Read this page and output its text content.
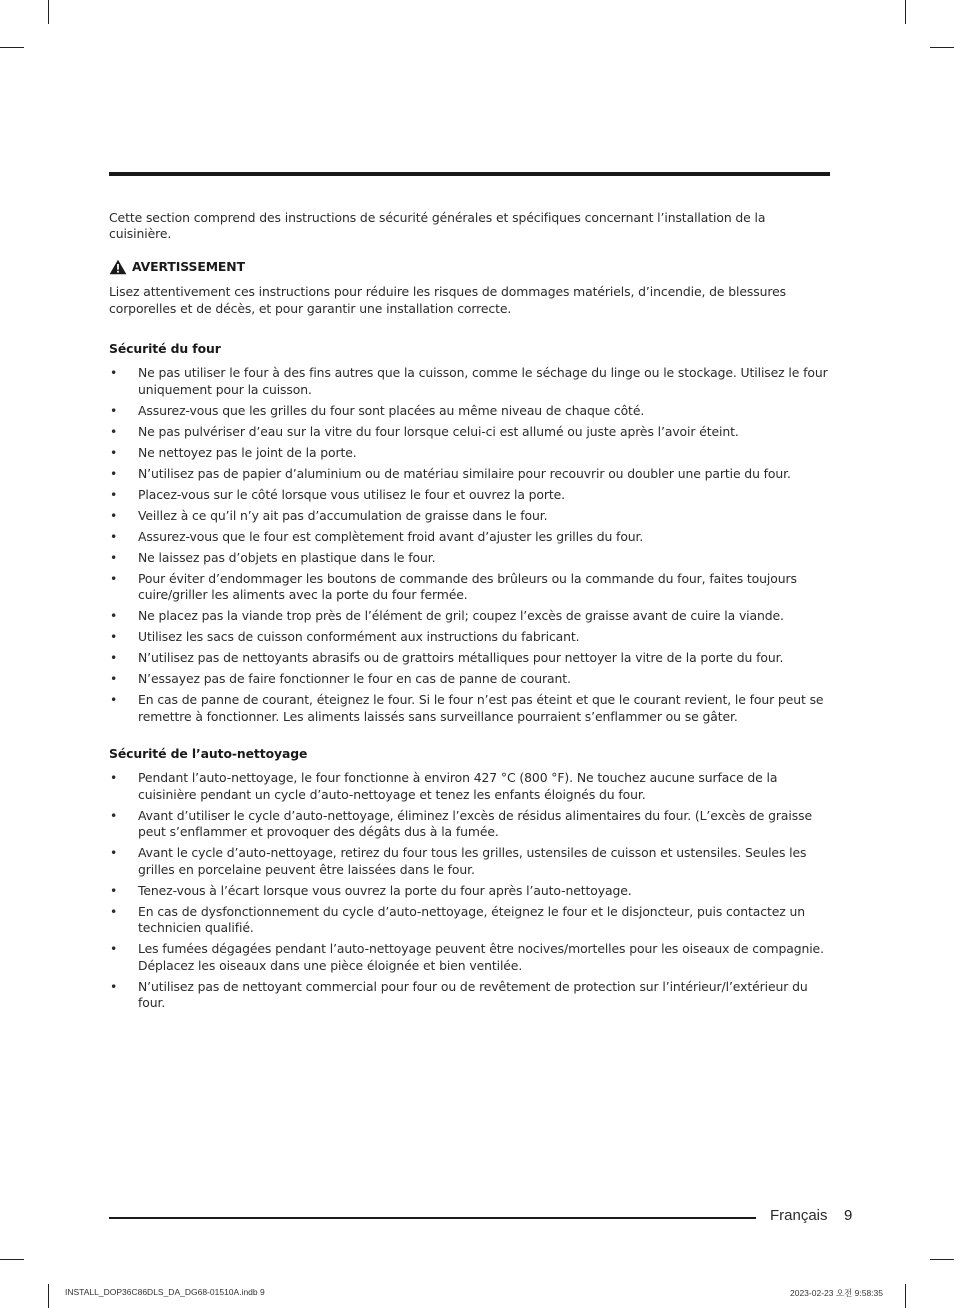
Cette section comprend des instructions de sécurité générales et spécifiques concernant l’installation de la cuisinière.

AVERTISSEMENT

Lisez attentivement ces instructions pour réduire les risques de dommages matériels, d’incendie, de blessures corporelles et de décès, et pour garantir une installation correcte.

Sécurité du four
• Ne pas utiliser le four à des fins autres que la cuisson, comme le séchage du linge ou le stockage. Utilisez le four uniquement pour la cuisson.
• Assurez-vous que les grilles du four sont placées au même niveau de chaque côté.
• Ne pas pulvériser d’eau sur la vitre du four lorsque celui-ci est allumé ou juste après l’avoir éteint.
• Ne nettoyez pas le joint de la porte.
• N’utilisez pas de papier d’aluminium ou de matériau similaire pour recouvrir ou doubler une partie du four.
• Placez-vous sur le côté lorsque vous utilisez le four et ouvrez la porte.
• Veillez à ce qu’il n’y ait pas d’accumulation de graisse dans le four.
• Assurez-vous que le four est complètement froid avant d’ajuster les grilles du four.
• Ne laissez pas d’objets en plastique dans le four.
• Pour éviter d’endommager les boutons de commande des brûleurs ou la commande du four, faites toujours cuire/griller les aliments avec la porte du four fermée.
• Ne placez pas la viande trop près de l’élément de gril; coupez l’excès de graisse avant de cuire la viande.
• Utilisez les sacs de cuisson conformément aux instructions du fabricant.
• N’utilisez pas de nettoyants abrasifs ou de grattoirs métalliques pour nettoyer la vitre de la porte du four.
• N’essayez pas de faire fonctionner le four en cas de panne de courant.
• En cas de panne de courant, éteignez le four. Si le four n’est pas éteint et que le courant revient, le four peut se remettre à fonctionner. Les aliments laissés sans surveillance pourraient s’enflammer ou se gâter.
Sécurité de l’auto-nettoyage
• Pendant l’auto-nettoyage, le four fonctionne à environ 427 °C (800 °F). Ne touchez aucune surface de la cuisinière pendant un cycle d’auto-nettoyage et tenez les enfants éloignés du four.
• Avant d’utiliser le cycle d’auto-nettoyage, éliminez l’excès de résidus alimentaires du four. (L’excès de graisse peut s’enflammer et provoquer des dégâts dus à la fumée.
• Avant le cycle d’auto-nettoyage, retirez du four tous les grilles, ustensiles de cuisson et ustensiles. Seules les grilles en porcelaine peuvent être laissées dans le four.
• Tenez-vous à l’écart lorsque vous ouvrez la porte du four après l’auto-nettoyage.
• En cas de dysfonctionnement du cycle d’auto-nettoyage, éteignez le four et le disjoncteur, puis contactez un technicien qualifié.
• Les fumées dégagées pendant l’auto-nettoyage peuvent être nocives/mortelles pour les oiseaux de compagnie. Déplacez les oiseaux dans une pièce éloignée et bien ventilée.
• N’utilisez pas de nettoyant commercial pour four ou de revêtement de protection sur l’intérieur/l’extérieur du four.
Français 9
INSTALL_DOP36C86DLS_DA_DG68-01510A.indb 9	2023-02-23 오전 9:58:35
